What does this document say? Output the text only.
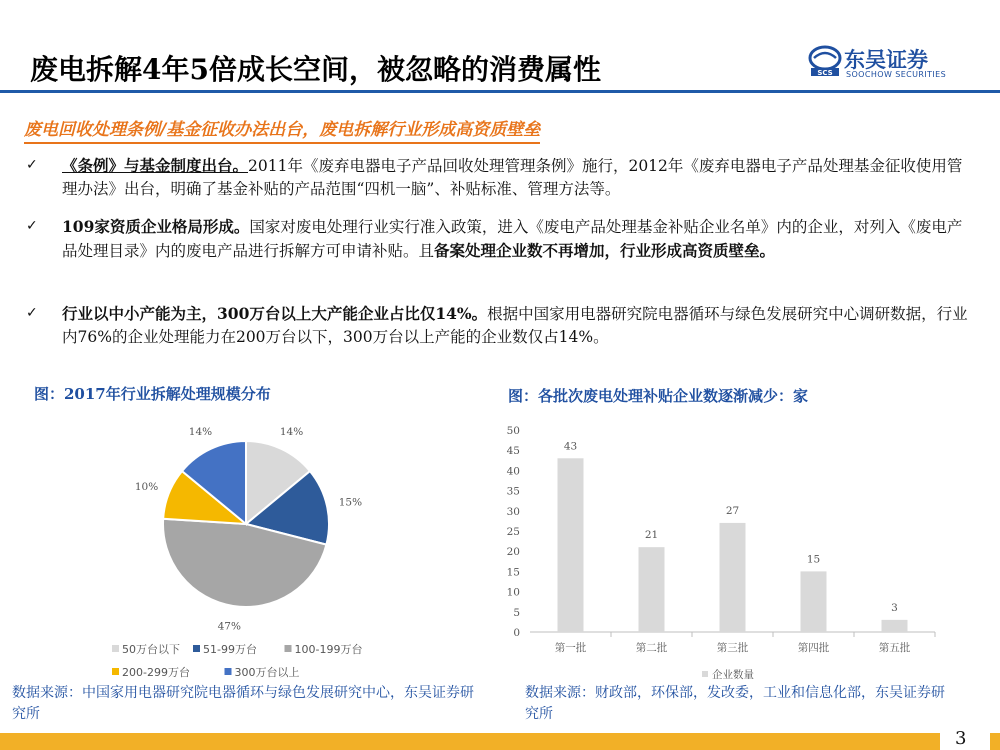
废电拆解4年5倍成长空间，被忽略的消费属性	SCS
东吴证券
SOOCHOW SECURITIES
废电回收处理条例/基金征收办法出台，废电拆解行业形成高资质壁垒
✓ 《条例》与基金制度出台。2011年《废弃电器电子产品回收处理管理条例》施行，2012年《废弃电器电子产品处理基金征收使用管理办法》出台，明确了基金补贴的产品范围“四机一脑”、补贴标准、管理方法等。
✓ 109家资质企业格局形成。国家对废电处理行业实行准入政策，进入《废电产品处理基金补贴企业名单》内的企业，对列入《废电产品处理目录》内的废电产品进行拆解方可申请补贴。且备案处理企业数不再增加，行业形成高资质壁垒。
✓ 行业以中小产能为主，300万台以上大产能企业占比仅14%。根据中国家用电器研究院电器循环与绿色发展研究中心调研数据，行业内76%的企业处理能力在200万台以下，300万台以上产能的企业数仅占14%。
图：2017年行业拆解处理规模分布	图：各批次废电处理补贴企业数逐渐减少：家
14%
15%
47%
10%
14%
50万台以下 51-99万台	100-199万台
200-299万台	300万台以上
0
5
10
15
20
25
30
35
40
45
50
43
第一批
21
第二批
27
第三批
15
第四批
3
第五批
企业数量
数据来源：中国家用电器研究院电器循环与绿色发展研究中心，东吴证券研究所
数据来源：财政部，环保部，发改委，工业和信息化部，东吴证券研究所
3
